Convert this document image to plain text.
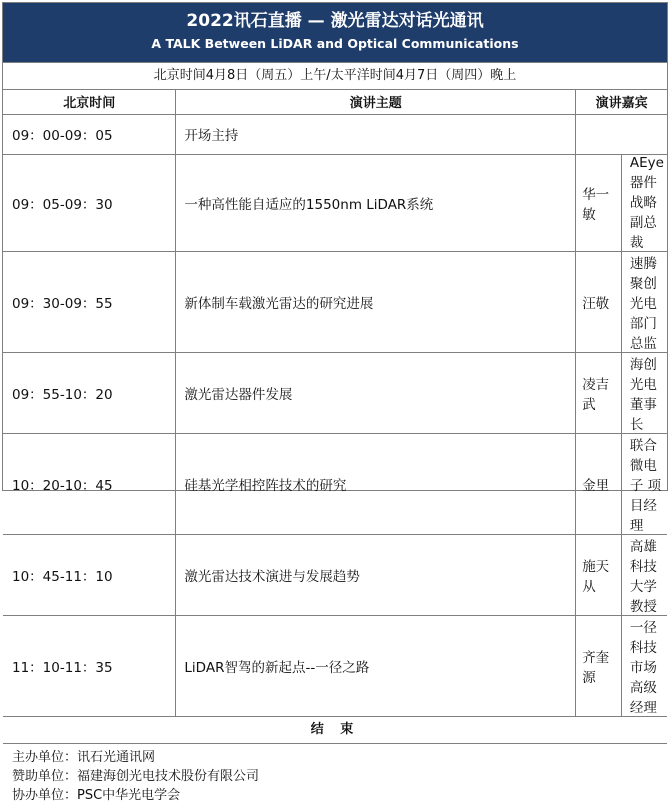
2022讯石直播 — 激光雷达对话光通讯
A TALK Between LiDAR and Optical Communications
北京时间4月8日（周五）上午/太平洋时间4月7日（周四）晚上
北京时间	演讲主题	演讲嘉宾	
09：00-09：05	开场主持		
09：05-09：30	一种高性能自适应的1550nm LiDAR系统	华一敏	AEye 器件战略副总裁
09：30-09：55	新体制车载激光雷达的研究进展	汪敬	速腾聚创 光电部门总监
09：55-10：20	激光雷达器件发展	凌吉武	海创光电 董事长
10：20-10：45	硅基光学相控阵技术的研究	金里	联合微电子 项目经理
10：45-11：10	激光雷达技术演进与发展趋势	施天从	高雄科技大学 教授
11：10-11：35	LiDAR智驾的新起点--一径之路	齐奎源	一径科技 市场高级经理
结 束
主办单位：讯石光通讯网
赞助单位：福建海创光电技术股份有限公司
协办单位：PSC中华光电学会
